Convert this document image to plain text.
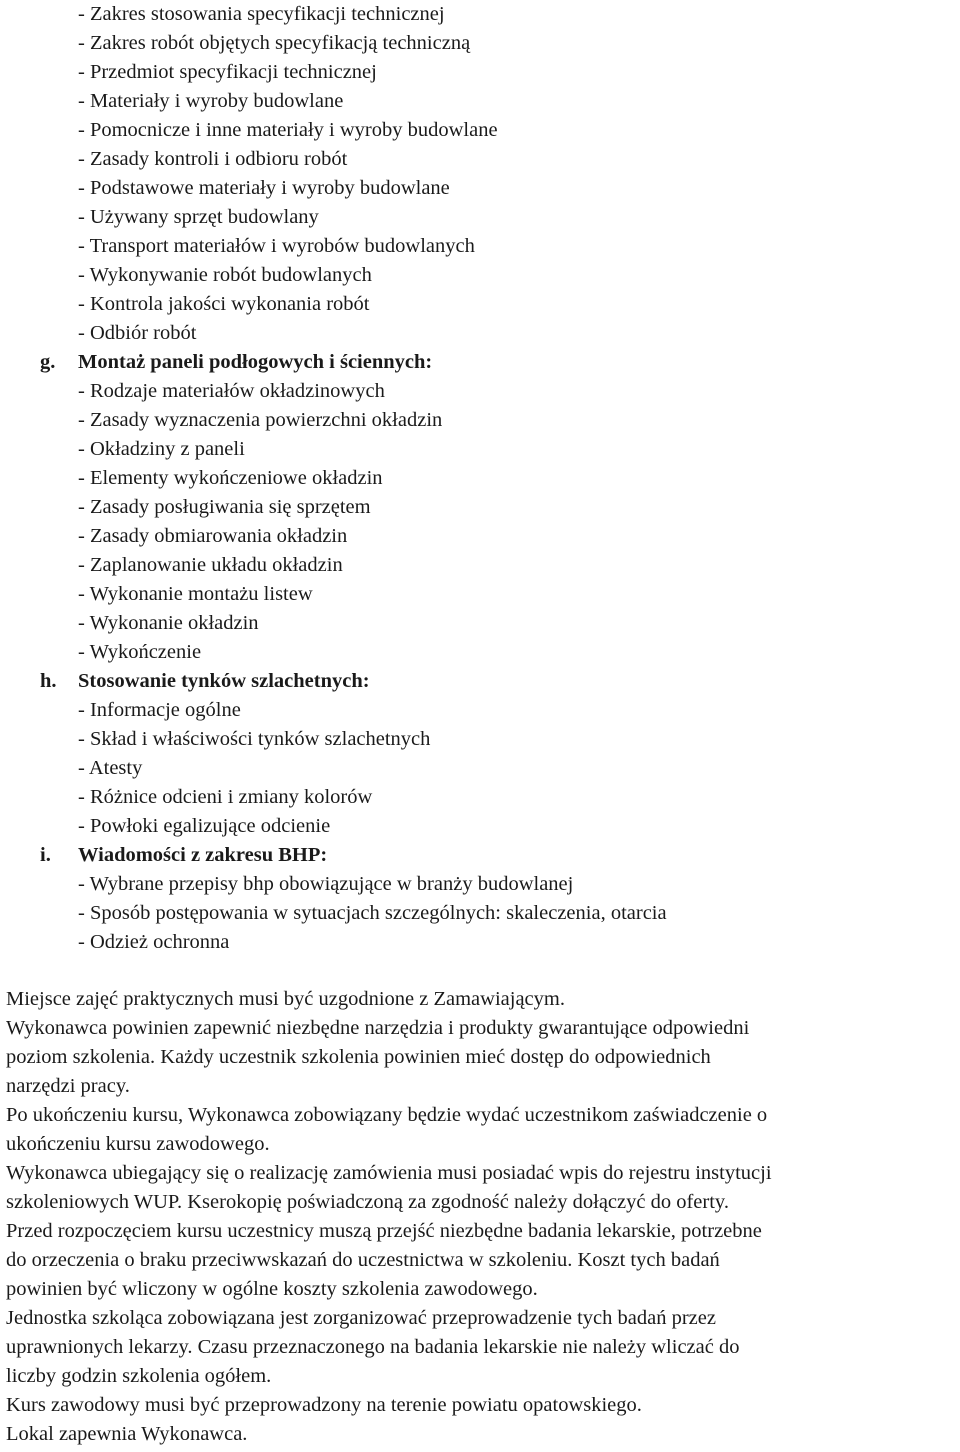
- Zakres stosowania specyfikacji technicznej
- Zakres robót objętych specyfikacją techniczną
- Przedmiot specyfikacji technicznej
- Materiały i wyroby budowlane
- Pomocnicze i inne materiały i wyroby budowlane
- Zasady kontroli i odbioru robót
- Podstawowe materiały i wyroby budowlane
- Używany sprzęt budowlany
- Transport materiałów i wyrobów budowlanych
- Wykonywanie robót budowlanych
- Kontrola jakości wykonania robót
- Odbiór robót
g. Montaż paneli podłogowych i ściennych:
- Rodzaje materiałów okładzinowych
- Zasady wyznaczenia powierzchni okładzin
- Okładziny z paneli
- Elementy wykończeniowe okładzin
- Zasady posługiwania się sprzętem
- Zasady obmiarowania okładzin
- Zaplanowanie układu okładzin
- Wykonanie montażu listew
- Wykonanie okładzin
- Wykończenie
h. Stosowanie tynków szlachetnych:
- Informacje ogólne
- Skład i właściwości tynków szlachetnych
- Atesty
- Różnice odcieni i zmiany kolorów
- Powłoki egalizujące odcienie
i. Wiadomości z zakresu BHP:
- Wybrane przepisy bhp obowiązujące w branży budowlanej
- Sposób postępowania w sytuacjach szczególnych: skaleczenia, otarcia
- Odzież ochronna

Miejsce zajęć praktycznych musi być uzgodnione z Zamawiającym.

Wykonawca powinien zapewnić niezbędne narzędzia i produkty gwarantujące odpowiedni

poziom szkolenia. Każdy uczestnik szkolenia powinien mieć dostęp do odpowiednich

narzędzi pracy.

Po ukończeniu kursu, Wykonawca zobowiązany będzie wydać uczestnikom zaświadczenie o

ukończeniu kursu zawodowego.

Wykonawca ubiegający się o realizację zamówienia musi posiadać wpis do rejestru instytucji

szkoleniowych WUP. Kserokopię poświadczoną za zgodność należy dołączyć do oferty.

Przed rozpoczęciem kursu uczestnicy muszą przejść niezbędne badania lekarskie, potrzebne

do orzeczenia o braku przeciwwskazań do uczestnictwa w szkoleniu. Koszt tych badań

powinien być wliczony w ogólne koszty szkolenia zawodowego.

Jednostka szkoląca zobowiązana jest zorganizować przeprowadzenie tych badań przez

uprawnionych lekarzy. Czasu przeznaczonego na badania lekarskie nie należy wliczać do

liczby godzin szkolenia ogółem.

Kurs zawodowy musi być przeprowadzony na terenie powiatu opatowskiego.

Lokal zapewnia Wykonawca.
